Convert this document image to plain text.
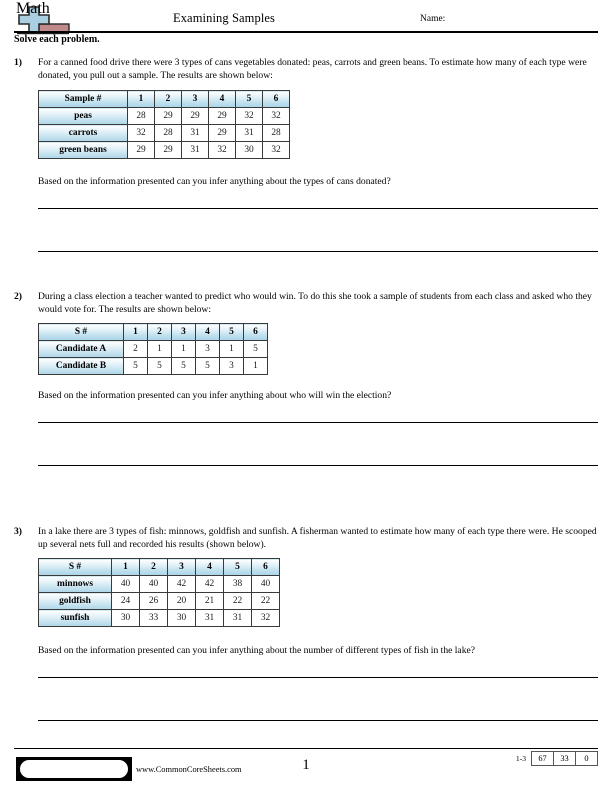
Examining Samples	Name:
Solve each problem.
1)	For a canned food drive there were 3 types of cans vegetables donated: peas, carrots and green beans. To estimate how many of each type were donated, you pull out a sample. The results are shown below:
Sample #	1	2	3	4	5	6
peas	28	29	29	29	32	32
carrots	32	28	31	29	31	28
green beans	29	29	31	32	30	32
Based on the information presented can you infer anything about the types of cans donated?
2)	During a class election a teacher wanted to predict who would win. To do this she took a sample of students from each class and asked who they would vote for. The results are shown below:
S #	1	2	3	4	5	6
Candidate A	2	1	1	3	1	5
Candidate B	5	5	5	5	3	1
Based on the information presented can you infer anything about who will win the election?
3)	In a lake there are 3 types of fish: minnows, goldfish and sunfish. A fisherman wanted to estimate how many of each type there were. He scooped up several nets full and recorded his results (shown below).
S #	1	2	3	4	5	6
minnows	40	40	42	42	38	40
goldfish	24	26	20	21	22	22
sunfish	30	33	30	31	31	32
Based on the information presented can you infer anything about the number of different types of fish in the lake?
Math
www.CommonCoreSheets.com	1	1-3	67	33	0
